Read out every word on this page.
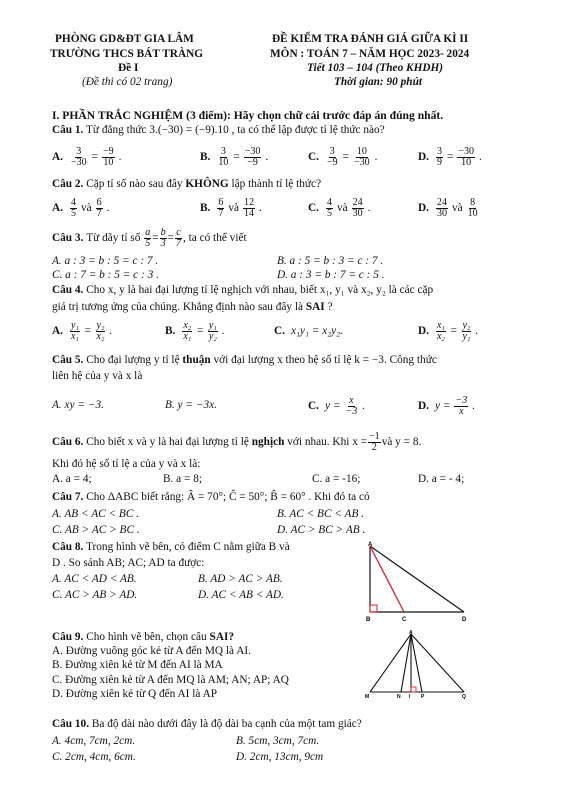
PHÒNG GD&ĐT GIA LÂM
TRƯỜNG THCS BÁT TRÀNG
Đề I
(Đề thi có 02 trang)
ĐỀ KIỂM TRA ĐÁNH GIÁ GIỮA KÌ II
MÔN : TOÁN 7 – NĂM HỌC 2023- 2024
Tiết 103 – 104 (Theo KHDH)
Thời gian: 90 phút
I. PHẦN TRẮC NGHIỆM (3 điểm): Hãy chọn chữ cái trước đáp án đúng nhất.
Câu 1. Từ đẳng thức 3.(−30) = (−9).10 , ta có thể lập được tỉ lệ thức nào?
A. $\frac{3}{-30} = \frac{-9}{10}$ .	B. $\frac{3}{10} = \frac{-30}{-9}$ .	C. $\frac{3}{-9} = \frac{10}{-30}$ .	D. $\frac{3}{9} = \frac{-30}{10}$ .
Câu 2. Cặp tỉ số nào sau đây KHÔNG lập thành tỉ lệ thức?
A. $\frac{4}{5}$ và $\frac{6}{7}$ .	B. $\frac{6}{7}$ và $\frac{12}{14}$ .	C. $\frac{4}{5}$ và $\frac{24}{30}$ .	D. $\frac{24}{30}$ và $\frac{8}{10}$
Câu 3.
Từ dãy tỉ số
$\frac{a}{5} = \frac{b}{3} = \frac{c}{7}$ , ta có thể viết
A. a : 3 = b : 5 = c : 7 .	B. a : 5 = b : 3 = c : 7 .
C. a : 7 = b : 5 = c : 3 .	D. a : 3 = b : 7 = c : 5 .
Câu 4. Cho x, y là hai đại lượng tỉ lệ nghịch với nhau, biết x₁, y₁ và x₂, y₂ là các cặp
giá trị tương ứng của chúng. Khẳng định nào sau đây là SAI ?
A. $\frac{\text{y₁}}{\text{x₁}} = \frac{\text{y₂}}{\text{x₂}}$ .	B. $\frac{\text{x₂}}{\text{x₁}} = \frac{\text{y₁}}{\text{y₂}}$ .	C. x₁y₁ = x₂y₂.	D. $\frac{\text{x₁}}{\text{x₂}} = \frac{\text{y₂}}{\text{y₁}}$ .
Câu 5. Cho đại lượng y tỉ lệ thuận với đại lượng x theo hệ số tỉ lệ k = −3. Công thức
liên hệ của y và x là
A. xy = −3.	B. y = −3x.	C. $y = \frac{x}{-3}$ .	D. $y = \frac{-3}{x}$ .
Câu 6.
Cho biết x và y là hai đại lượng tỉ lệ
nghịch
với nhau. Khi $x = \frac{-1}{2}$ và y = 8.
Khi đó hệ số tỉ lệ a của y và x là:
A. a = 4;	B. a = 8;	C. a = -16;	D. a = - 4;
Câu 7. Cho ΔABC biết rằng: Â = 70°; Ĉ = 50°; B̂ = 60° . Khi đó ta có
A. AB < AC < BC .	B. AC < BC < AB .
C. AB > AC > BC .	D. AC > BC > AB .
Câu 8. Trong hình vẽ bên, có điểm C nằm giữa B và
D . So sánh AB; AC; AD ta được:
A. AC < AD < AB.	B. AD > AC > AB.
C. AC > AB > AD.	D. AC < AB < AD.
A
B	C	D
Câu 9. Cho hình vẽ bên, chọn câu SAI?
A. Đường vuông góc kẻ từ A đến MQ là AI.
B. Đường xiên kẻ từ M đến AI là MA
C. Đường xiên kẻ từ A đến MQ là AM; AN; AP; AQ
D. Đường xiên kẻ từ Q đến AI là AP
A
M	N I P	Q
Câu 10. Ba độ dài nào dưới đây là độ dài ba cạnh của một tam giác?
A. 4cm, 7cm, 2cm.	B. 5cm, 3cm, 7cm.
C. 2cm, 4cm, 6cm.	D. 2cm, 13cm, 9cm
